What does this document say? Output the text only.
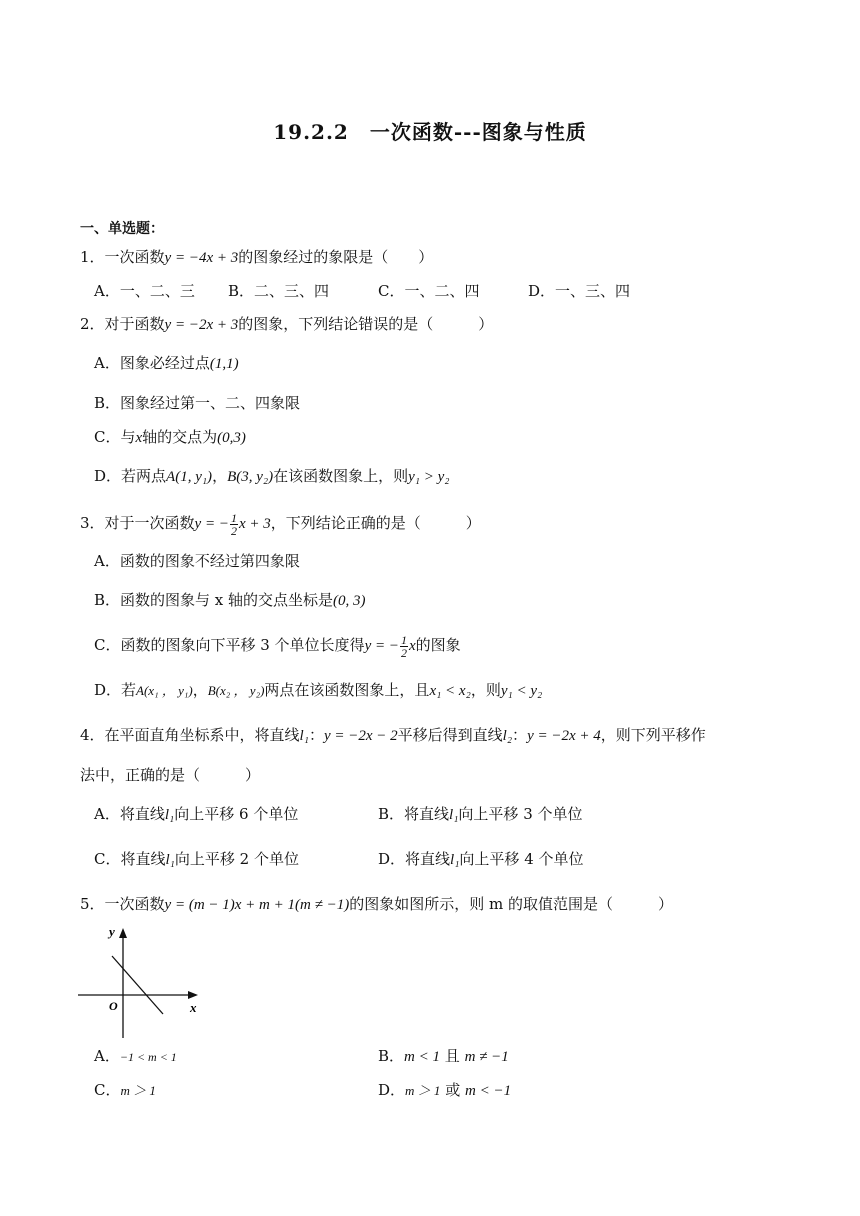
19.2.2　一次函数---图象与性质
一、单选题：
1．一次函数y = −4x + 3的图象经过的象限是（　　）
A．一、二、三 B．二、三、四	C．一、二、四	D．一、三、四
2．对于函数y = −2x + 3的图象，下列结论错误的是（　　　）
A．图象必经过点(1,1)
B．图象经过第一、二、四象限
C．与x轴的交点为(0,3)
D．若两点A(1, y₁)，B(3, y₂)在该函数图象上，则y₁ > y₂
3．对于一次函数y = − $\frac{1}{2}$ x + 3，下列结论正确的是（　　　）
A．函数的图象不经过第四象限
B．函数的图象与 x 轴的交点坐标是(0, 3)
C．函数的图象向下平移 3 个单位长度得y = − $\frac{1}{2}$ x的图象
D．若A(x₁ ， y₁)，B(x₂ ， y₂)两点在该函数图象上，且x₁ < x₂，则y₁ < y₂
4．在平面直角坐标系中，将直线l₁：y = −2x − 2平移后得到直线l₂：y = −2x + 4，则下列平移作
法中，正确的是（　　　）
A．将直线l₁向上平移 6 个单位	B．将直线l₁向上平移 3 个单位
C．将直线l₁向上平移 2 个单位	D．将直线l₁向上平移 4 个单位
5．一次函数y = (m − 1)x + m + 1(m ≠ −1)的图象如图所示，则 m 的取值范围是（　　　）
y
x
O
A．−1 < m < 1	B．m < 1 且 m ≠ −1
C．m ＞ 1	D．m ＞ 1 或 m < −1
